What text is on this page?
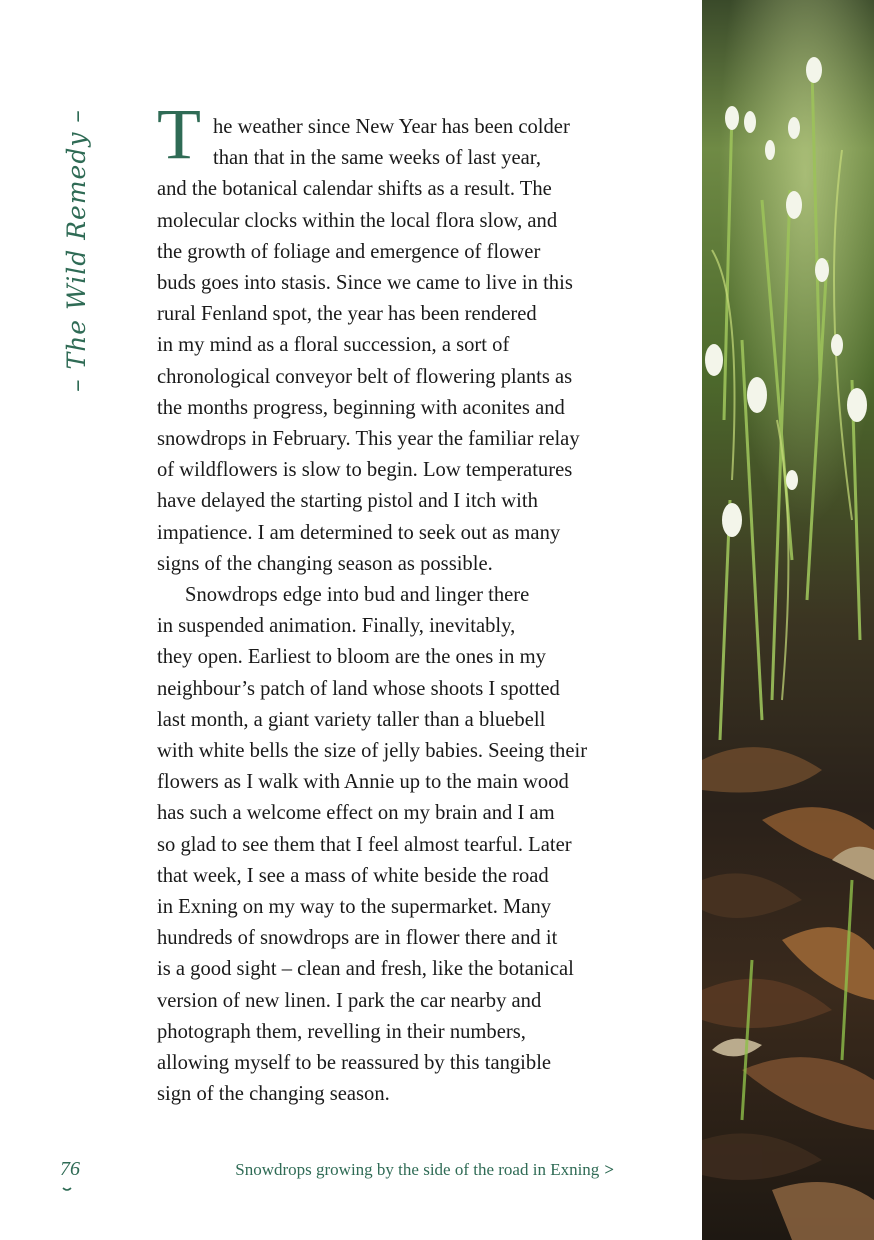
– The Wild Remedy – T he weather since New Year has been colder
than that in the same weeks of last year,
and the botanical calendar shifts as a result. The
molecular clocks within the local flora slow, and
the growth of foliage and emergence of flower
buds goes into stasis. Since we came to live in this
rural Fenland spot, the year has been rendered
in my mind as a floral succession, a sort of
chronological conveyor belt of flowering plants as
the months progress, beginning with aconites and
snowdrops in February. This year the familiar relay
of wildflowers is slow to begin. Low temperatures
have delayed the starting pistol and I itch with
impatience. I am determined to seek out as many
signs of the changing season as possible.
Snowdrops edge into bud and linger there
in suspended animation. Finally, inevitably,
they open. Earliest to bloom are the ones in my
neighbour’s patch of land whose shoots I spotted
last month, a giant variety taller than a bluebell
with white bells the size of jelly babies. Seeing their
flowers as I walk with Annie up to the main wood
has such a welcome effect on my brain and I am
so glad to see them that I feel almost tearful. Later
that week, I see a mass of white beside the road
in Exning on my way to the supermarket. Many
hundreds of snowdrops are in flower there and it
is a good sight – clean and fresh, like the botanical
version of new linen. I park the car nearby and
photograph them, revelling in their numbers,
allowing myself to be reassured by this tangible
sign of the changing season.
76	Snowdrops growing by the side of the road in Exning >
